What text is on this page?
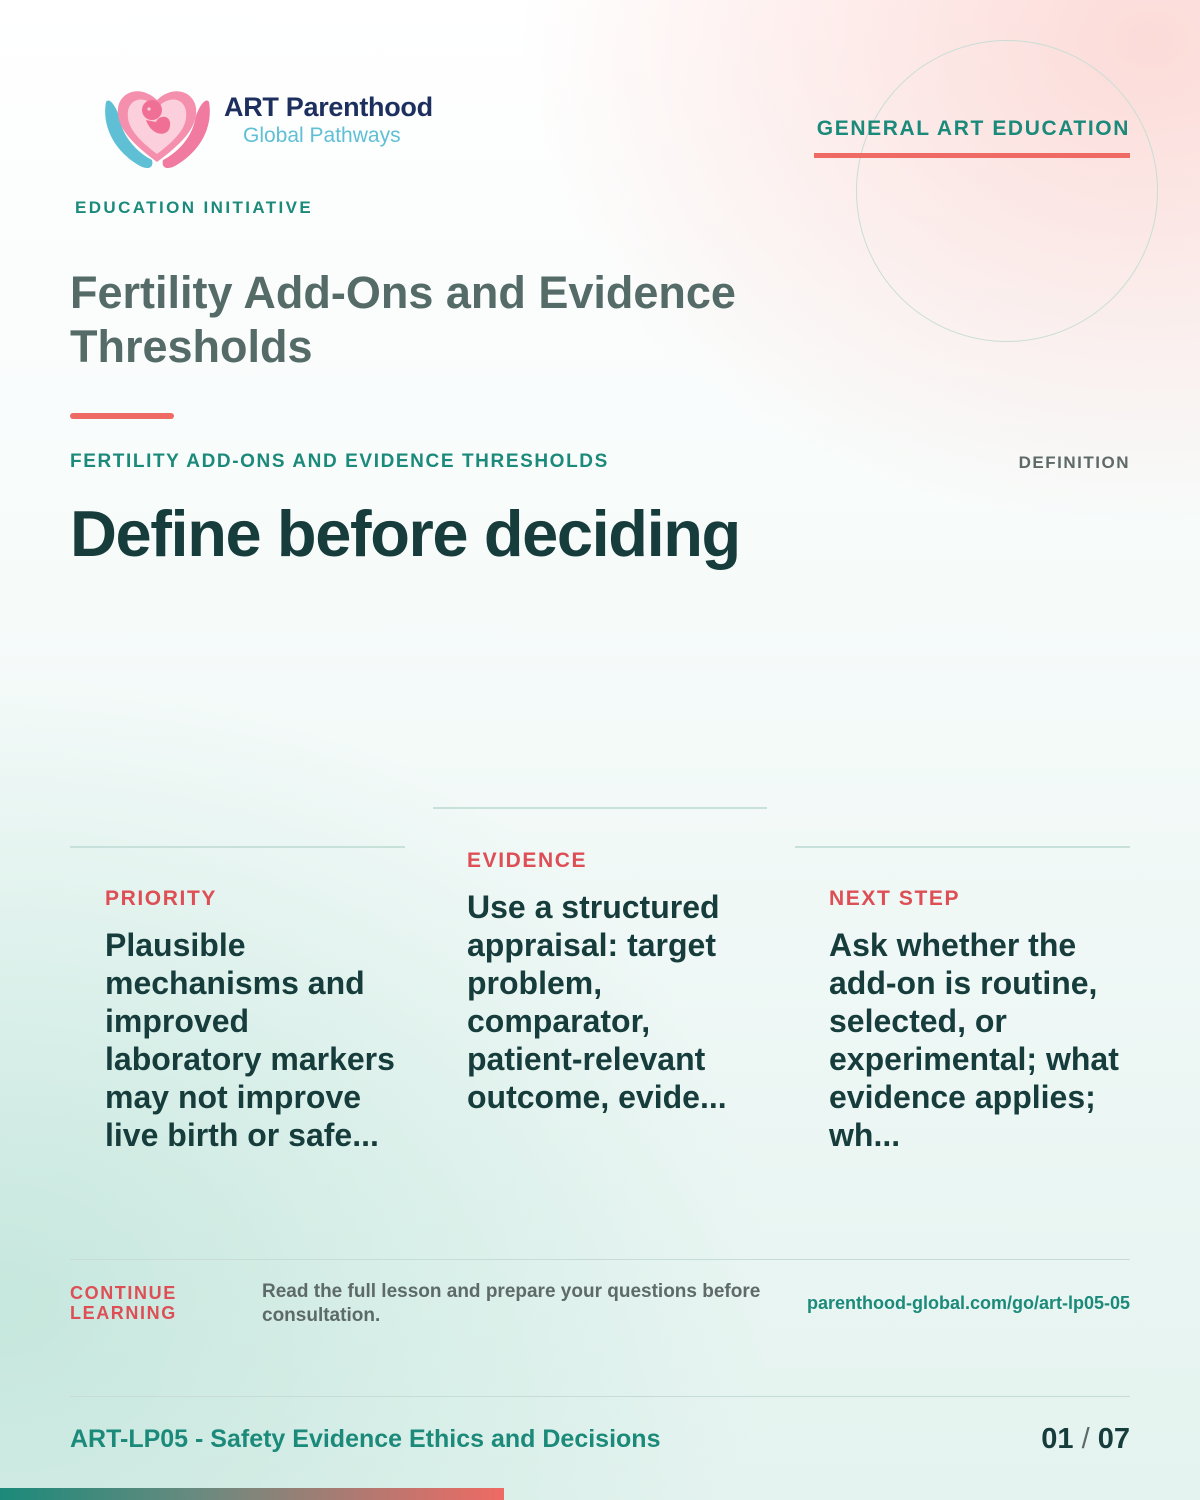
ART Parenthood
Global Pathways
EDUCATION INITIATIVE
GENERAL ART EDUCATION
Fertility Add-Ons and Evidence Thresholds
FERTILITY ADD-ONS AND EVIDENCE THRESHOLDS	DEFINITION
Define before deciding
PRIORITY
Plausible mechanisms and improved laboratory markers may not improve live birth or safe...
EVIDENCE
Use a structured appraisal: target problem, comparator, patient-relevant outcome, evide...
NEXT STEP
Ask whether the add-on is routine, selected, or experimental; what evidence applies; wh...
CONTINUE LEARNING
Read the full lesson and prepare your questions before consultation.
parenthood-global.com/go/art-lp05-05
ART-LP05 - Safety Evidence Ethics and Decisions	01 / 07
